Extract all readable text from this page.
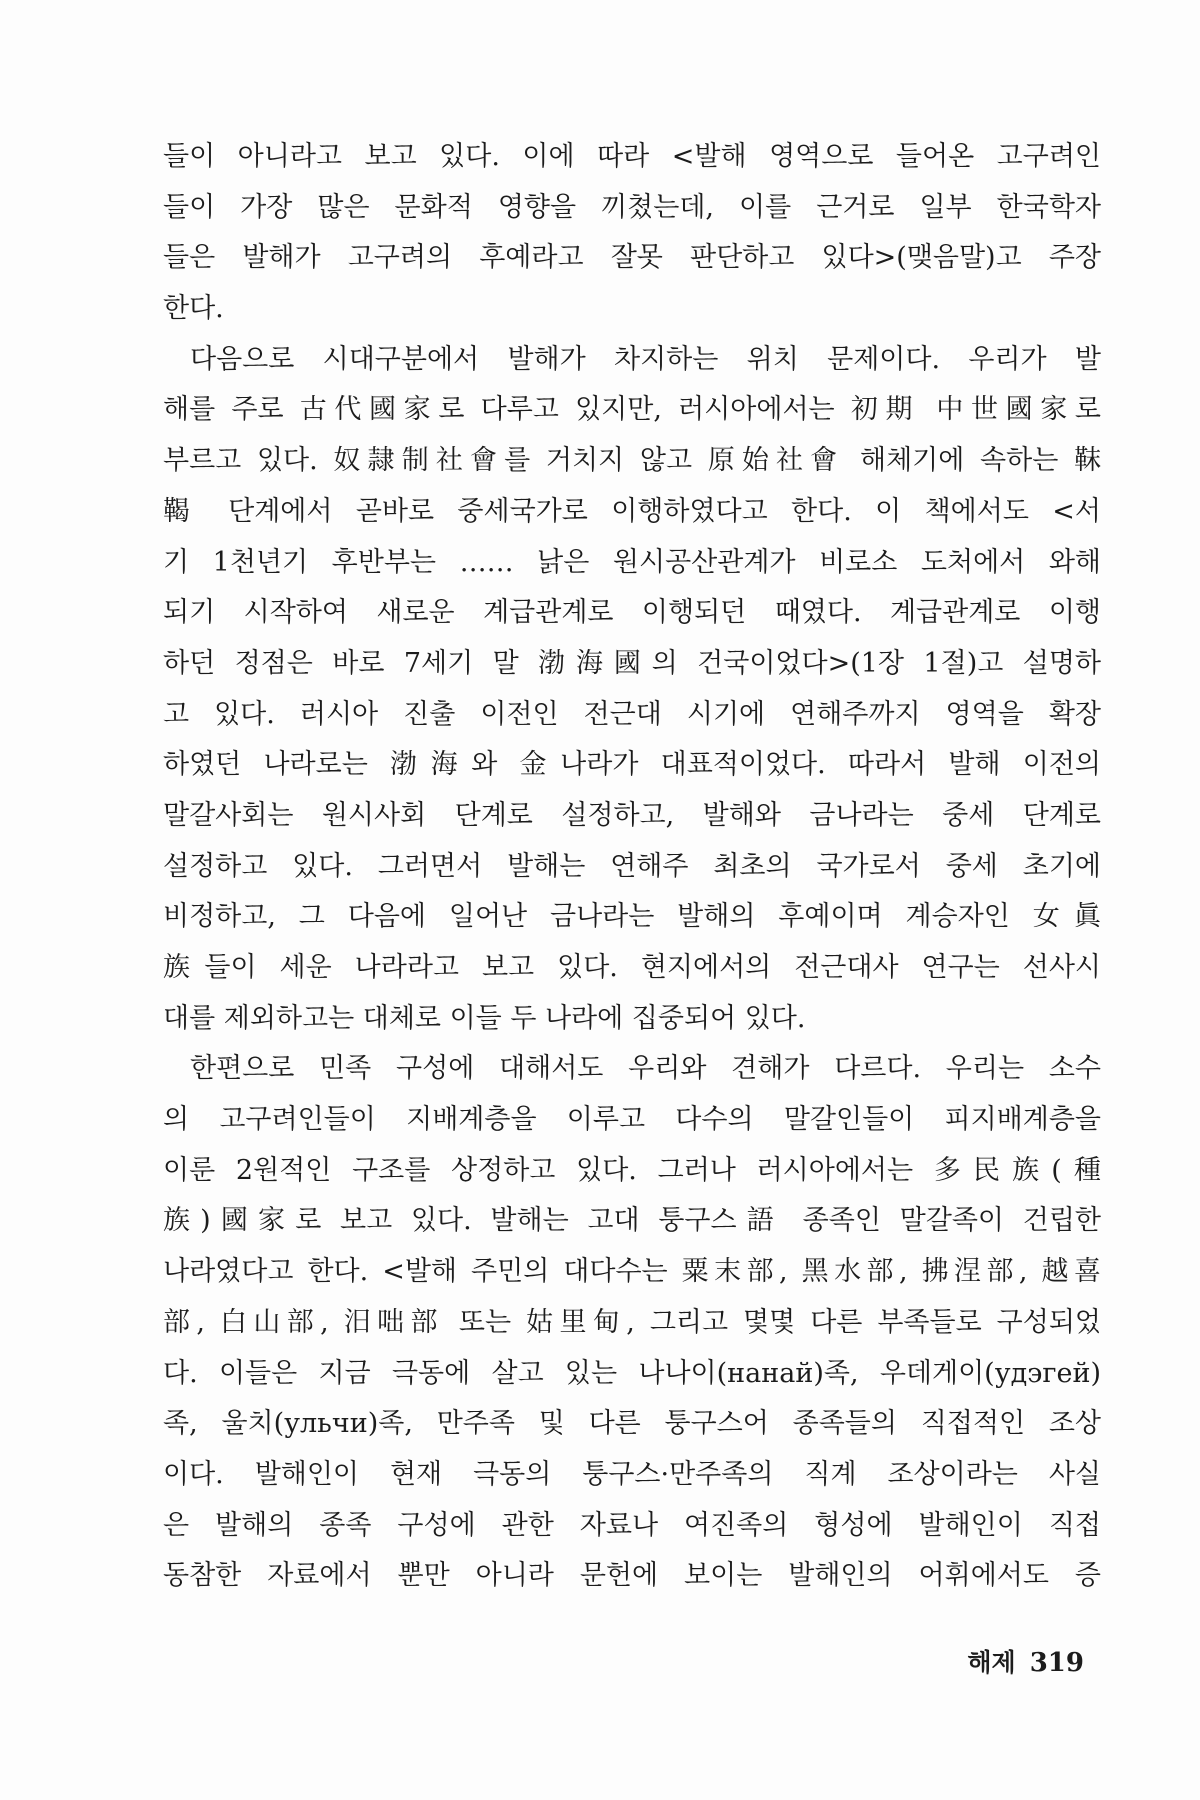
들이 아니라고 보고 있다. 이에 따라 <발해 영역으로 들어온 고구려인
들이 가장 많은 문화적 영향을 끼쳤는데, 이를 근거로 일부 한국학자
들은 발해가 고구려의 후예라고 잘못 판단하고 있다>(맺음말)고 주장
한다.
다음으로 시대구분에서 발해가 차지하는 위치 문제이다. 우리가 발
해를 주로 古代國家로 다루고 있지만, 러시아에서는 初期 中世國家로
부르고 있다. 奴隷制社會를 거치지 않고 原始社會 해체기에 속하는 靺
鞨 단계에서 곧바로 중세국가로 이행하였다고 한다. 이 책에서도 <서
기 1천년기 후반부는 …… 낡은 원시공산관계가 비로소 도처에서 와해
되기 시작하여 새로운 계급관계로 이행되던 때였다. 계급관계로 이행
하던 정점은 바로 7세기 말 渤海國의 건국이었다>(1장 1절)고 설명하
고 있다. 러시아 진출 이전인 전근대 시기에 연해주까지 영역을 확장
하였던 나라로는 渤海와 金나라가 대표적이었다. 따라서 발해 이전의
말갈사회는 원시사회 단계로 설정하고, 발해와 금나라는 중세 단계로
설정하고 있다. 그러면서 발해는 연해주 최초의 국가로서 중세 초기에
비정하고, 그 다음에 일어난 금나라는 발해의 후예이며 계승자인 女眞
族들이 세운 나라라고 보고 있다. 현지에서의 전근대사 연구는 선사시
대를 제외하고는 대체로 이들 두 나라에 집중되어 있다.
한편으로 민족 구성에 대해서도 우리와 견해가 다르다. 우리는 소수
의 고구려인들이 지배계층을 이루고 다수의 말갈인들이 피지배계층을
이룬 2원적인 구조를 상정하고 있다. 그러나 러시아에서는 多民族(種
族)國家로 보고 있다. 발해는 고대 퉁구스語 종족인 말갈족이 건립한
나라였다고 한다. <발해 주민의 대다수는 粟末部, 黑水部, 拂涅部, 越喜
部, 白山部, 汨咄部 또는 姑里甸, 그리고 몇몇 다른 부족들로 구성되었
다. 이들은 지금 극동에 살고 있는 나나이(нанай)족, 우데게이(удэгей)
족, 울치(ульчи)족, 만주족 및 다른 퉁구스어 종족들의 직접적인 조상
이다. 발해인이 현재 극동의 퉁구스·만주족의 직계 조상이라는 사실
은 발해의 종족 구성에 관한 자료나 여진족의 형성에 발해인이 직접
동참한 자료에서 뿐만 아니라 문헌에 보이는 발해인의 어휘에서도 증
해제 319
